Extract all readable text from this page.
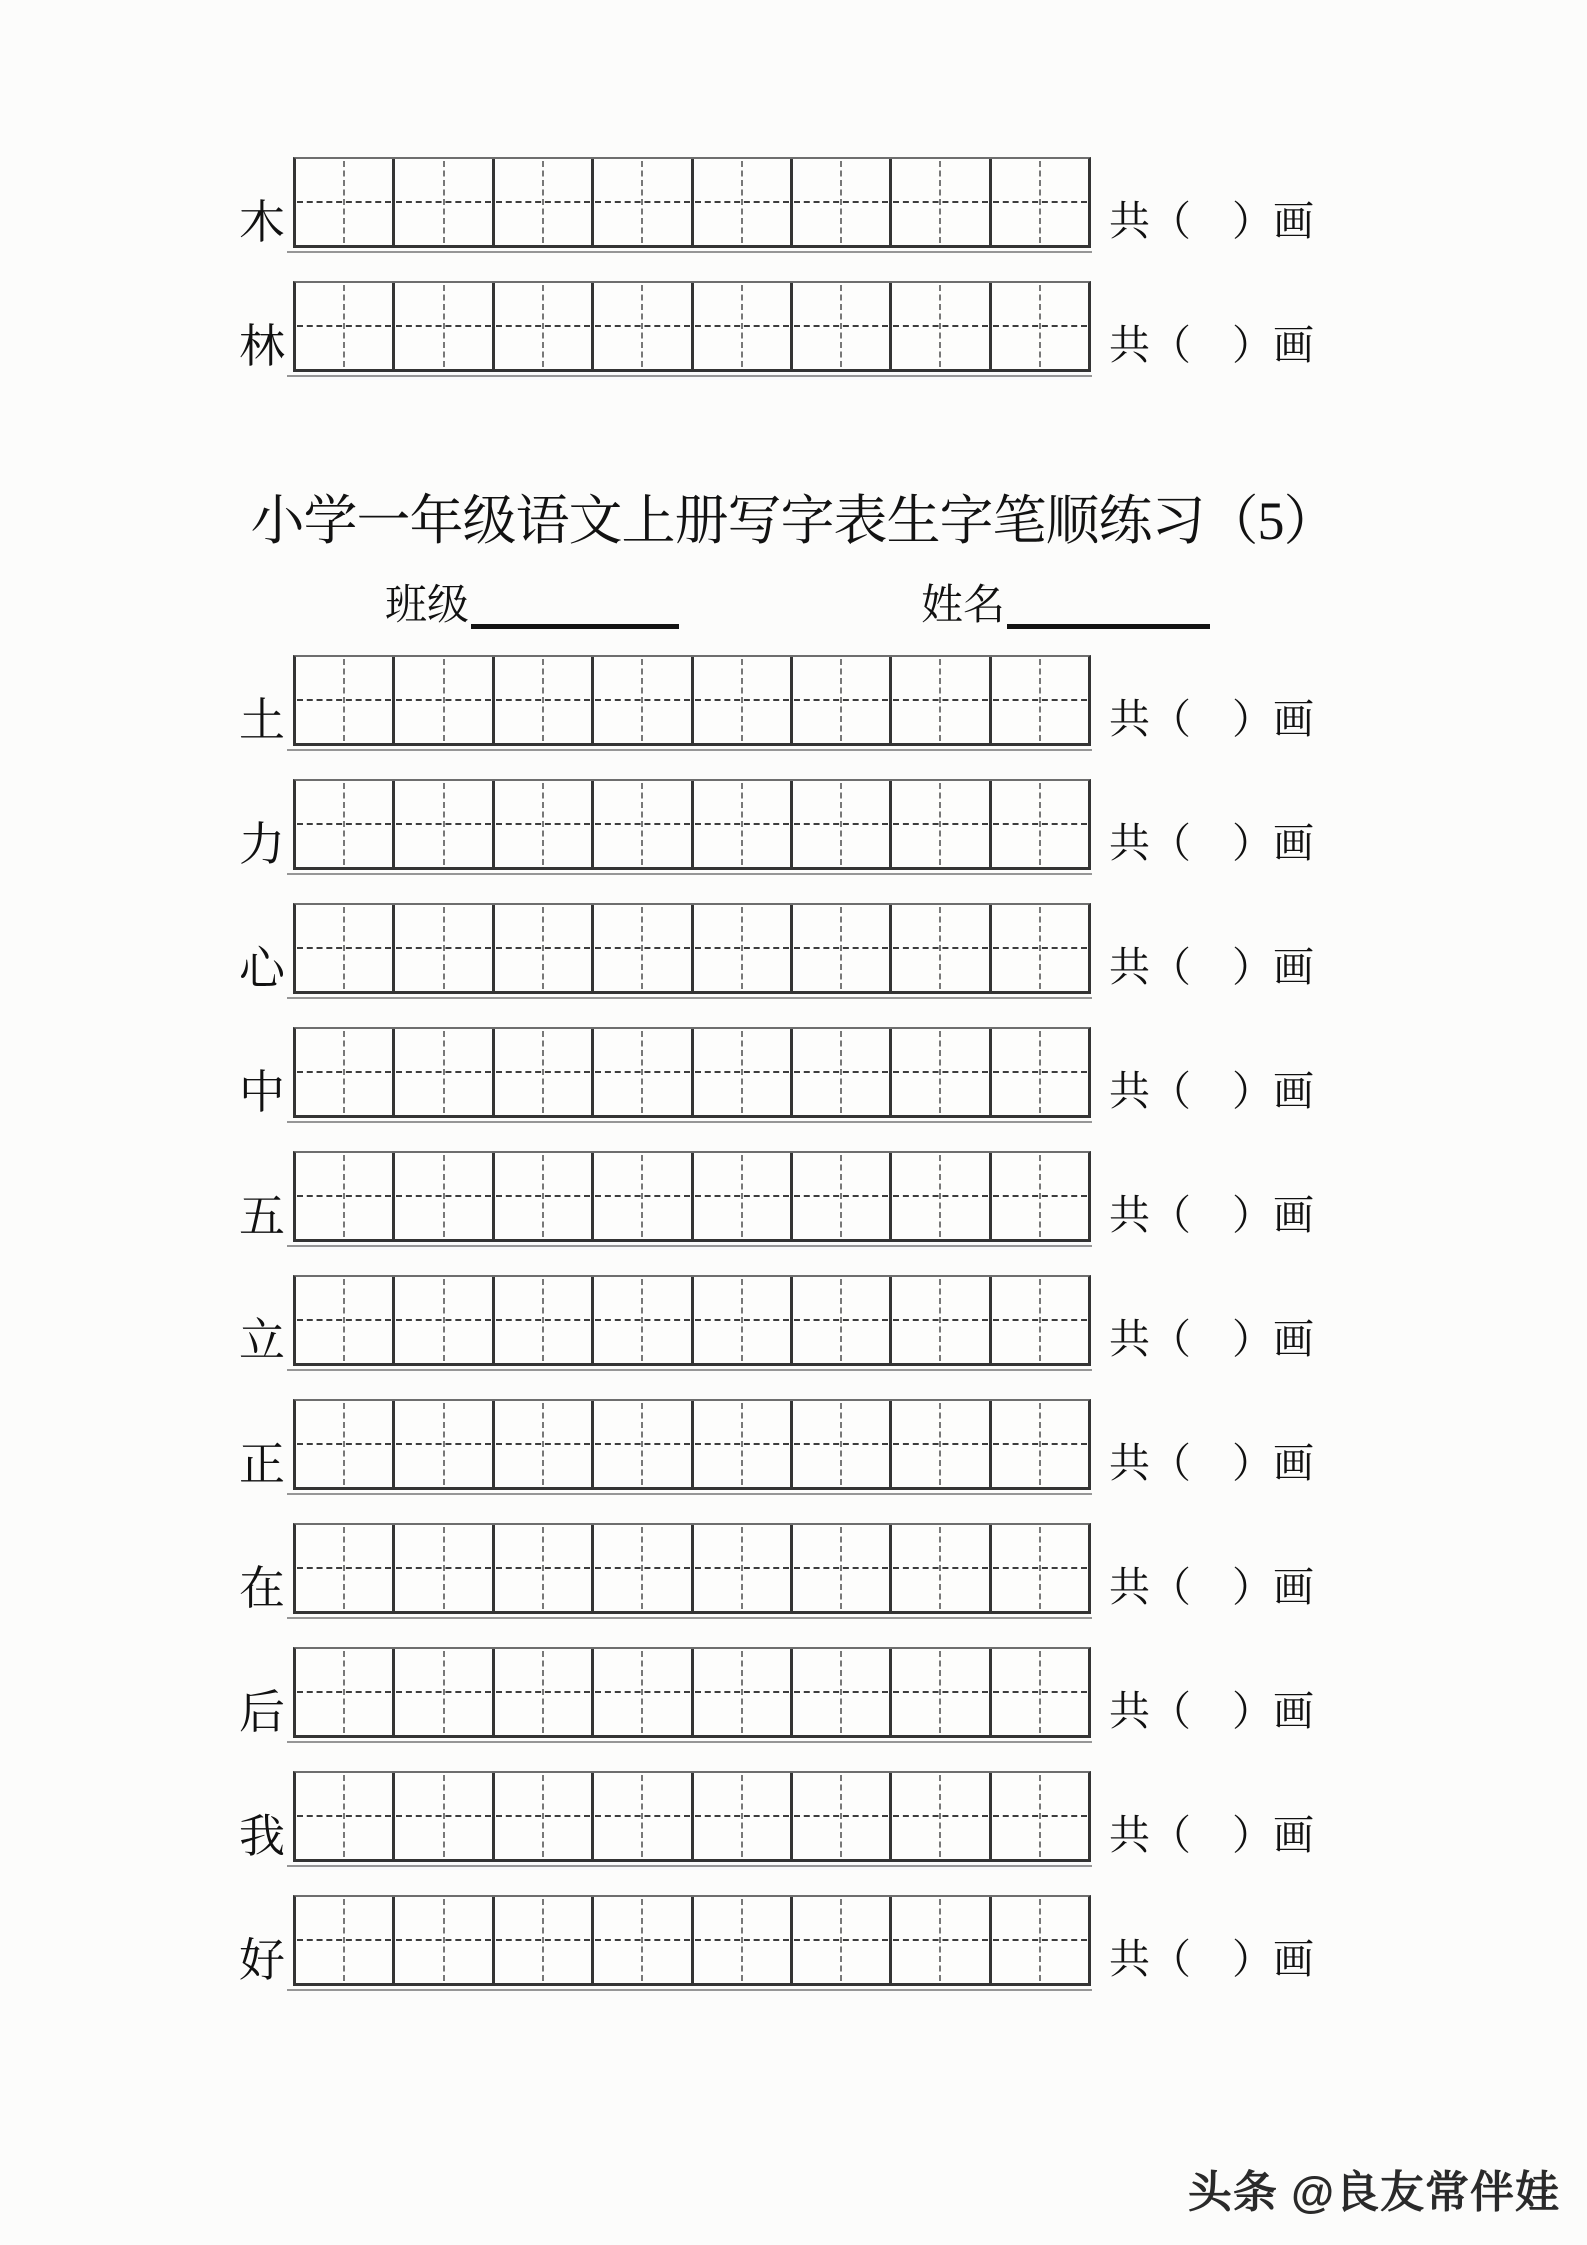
木	共（　）画
林	共（　）画
小学一年级语文上册写字表生字笔顺练习（5）
班级	姓名
土	共（　）画
力	共（　）画
心	共（　）画
中	共（　）画
五	共（　）画
立	共（　）画
正	共（　）画
在	共（　）画
后	共（　）画
我	共（　）画
好	共（　）画
头条 @良友常伴娃
